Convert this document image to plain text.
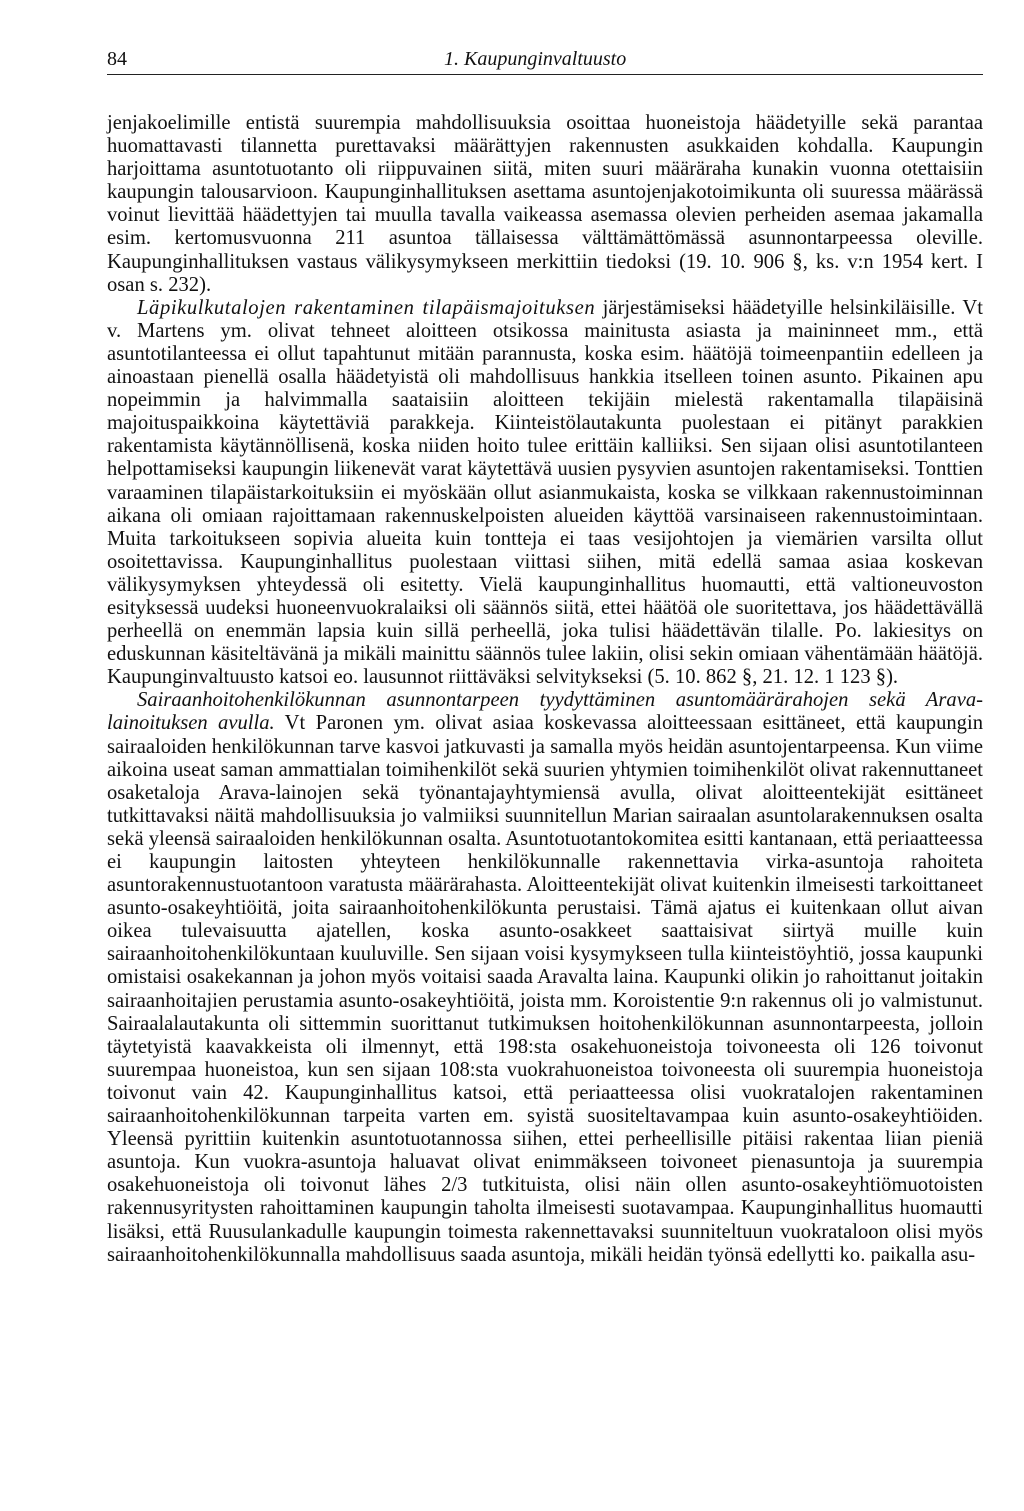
84	1. Kaupunginvaltuusto

jenjakoelimille entistä suurempia mahdollisuuksia osoittaa huoneistoja häädetyille sekä parantaa huomattavasti tilannetta purettavaksi määrättyjen rakennusten asukkaiden kohdalla. Kaupungin harjoittama asuntotuotanto oli riippuvainen siitä, miten suuri määräraha kunakin vuonna otettaisiin kaupungin talousarvioon. Kaupunginhallituksen asettama asuntojenjakotoimikunta oli suuressa määrässä voinut lievittää häädettyjen tai muulla tavalla vaikeassa asemassa olevien perheiden asemaa jakamalla esim. kertomusvuonna 211 asuntoa tällaisessa välttämättömässä asunnontarpeessa oleville. Kaupunginhallituksen vastaus välikysymykseen merkittiin tiedoksi (19. 10. 906 §, ks. v:n 1954 kert. I osan s. 232).

Läpikulkutalojen rakentaminen tilapäismajoituksen järjestämiseksi häädetyille helsinkiläisille. Vt v. Martens ym. olivat tehneet aloitteen otsikossa mainitusta asiasta ja maininneet mm., että asuntotilanteessa ei ollut tapahtunut mitään parannusta, koska esim. häätöjä toimeenpantiin edelleen ja ainoastaan pienellä osalla häädetyistä oli mahdollisuus hankkia itselleen toinen asunto. Pikainen apu nopeimmin ja halvimmalla saataisiin aloitteen tekijäin mielestä rakentamalla tilapäisinä majoituspaikkoina käytettäviä parakkeja. Kiinteistölautakunta puolestaan ei pitänyt parakkien rakentamista käytännöllisenä, koska niiden hoito tulee erittäin kalliiksi. Sen sijaan olisi asuntotilanteen helpottamiseksi kaupungin liikenevät varat käytettävä uusien pysyvien asuntojen rakentamiseksi. Tonttien varaaminen tilapäistarkoituksiin ei myöskään ollut asianmukaista, koska se vilkkaan rakennustoiminnan aikana oli omiaan rajoittamaan rakennuskelpoisten alueiden käyttöä varsinaiseen rakennustoimintaan. Muita tarkoitukseen sopivia alueita kuin tontteja ei taas vesijohtojen ja viemärien varsilta ollut osoitettavissa. Kaupunginhallitus puolestaan viittasi siihen, mitä edellä samaa asiaa koskevan välikysymyksen yhteydessä oli esitetty. Vielä kaupunginhallitus huomautti, että valtioneuvoston esityksessä uudeksi huoneenvuokralaiksi oli säännös siitä, ettei häätöä ole suoritettava, jos häädettävällä perheellä on enemmän lapsia kuin sillä perheellä, joka tulisi häädettävän tilalle. Po. lakiesitys on eduskunnan käsiteltävänä ja mikäli mainittu säännös tulee lakiin, olisi sekin omiaan vähentämään häätöjä. Kaupunginvaltuusto katsoi eo. lausunnot riittäväksi selvitykseksi (5. 10. 862 §, 21. 12. 1 123 §).

Sairaanhoitohenkilökunnan asunnontarpeen tyydyttäminen asuntomäärärahojen sekä Arava-lainoituksen avulla. Vt Paronen ym. olivat asiaa koskevassa aloitteessaan esittäneet, että kaupungin sairaaloiden henkilökunnan tarve kasvoi jatkuvasti ja samalla myös heidän asuntojentarpeensa. Kun viime aikoina useat saman ammattialan toimihenkilöt sekä suurien yhtymien toimihenkilöt olivat rakennuttaneet osaketaloja Arava-lainojen sekä työnantajayhtymiensä avulla, olivat aloitteentekijät esittäneet tutkittavaksi näitä mahdollisuuksia jo valmiiksi suunnitellun Marian sairaalan asuntolarakennuksen osalta sekä yleensä sairaaloiden henkilökunnan osalta. Asuntotuotantokomitea esitti kantanaan, että periaatteessa ei kaupungin laitosten yhteyteen henkilökunnalle rakennettavia virka-asuntoja rahoiteta asuntorakennustuotantoon varatusta määrärahasta. Aloitteentekijät olivat kuitenkin ilmeisesti tarkoittaneet asunto-osakeyhtiöitä, joita sairaanhoitohenkilökunta perustaisi. Tämä ajatus ei kuitenkaan ollut aivan oikea tulevaisuutta ajatellen, koska asunto-osakkeet saattaisivat siirtyä muille kuin sairaanhoitohenkilökuntaan kuuluville. Sen sijaan voisi kysymykseen tulla kiinteistöyhtiö, jossa kaupunki omistaisi osakekannan ja johon myös voitaisi saada Aravalta laina. Kaupunki olikin jo rahoittanut joitakin sairaanhoitajien perustamia asunto-osakeyhtiöitä, joista mm. Koroistentie 9:n rakennus oli jo valmistunut. Sairaalalautakunta oli sittemmin suorittanut tutkimuksen hoitohenkilökunnan asunnontarpeesta, jolloin täytetyistä kaavakkeista oli ilmennyt, että 198:sta osakehuoneistoja toivoneesta oli 126 toivonut suurempaa huoneistoa, kun sen sijaan 108:sta vuokrahuoneistoa toivoneesta oli suurempia huoneistoja toivonut vain 42. Kaupunginhallitus katsoi, että periaatteessa olisi vuokratalojen rakentaminen sairaanhoitohenkilökunnan tarpeita varten em. syistä suositeltavampaa kuin asunto-osakeyhtiöiden. Yleensä pyrittiin kuitenkin asuntotuotannossa siihen, ettei perheellisille pitäisi rakentaa liian pieniä asuntoja. Kun vuokra-asuntoja haluavat olivat enimmäkseen toivoneet pienasuntoja ja suurempia osakehuoneistoja oli toivonut lähes 2/3 tutkituista, olisi näin ollen asunto-osakeyhtiömuotoisten rakennusyritysten rahoittaminen kaupungin taholta ilmeisesti suotavampaa. Kaupunginhallitus huomautti lisäksi, että Ruusulankadulle kaupungin toimesta rakennettavaksi suunniteltuun vuokrataloon olisi myös sairaanhoitohenkilökunnalla mahdollisuus saada asuntoja, mikäli heidän työnsä edellytti ko. paikalla asu-
